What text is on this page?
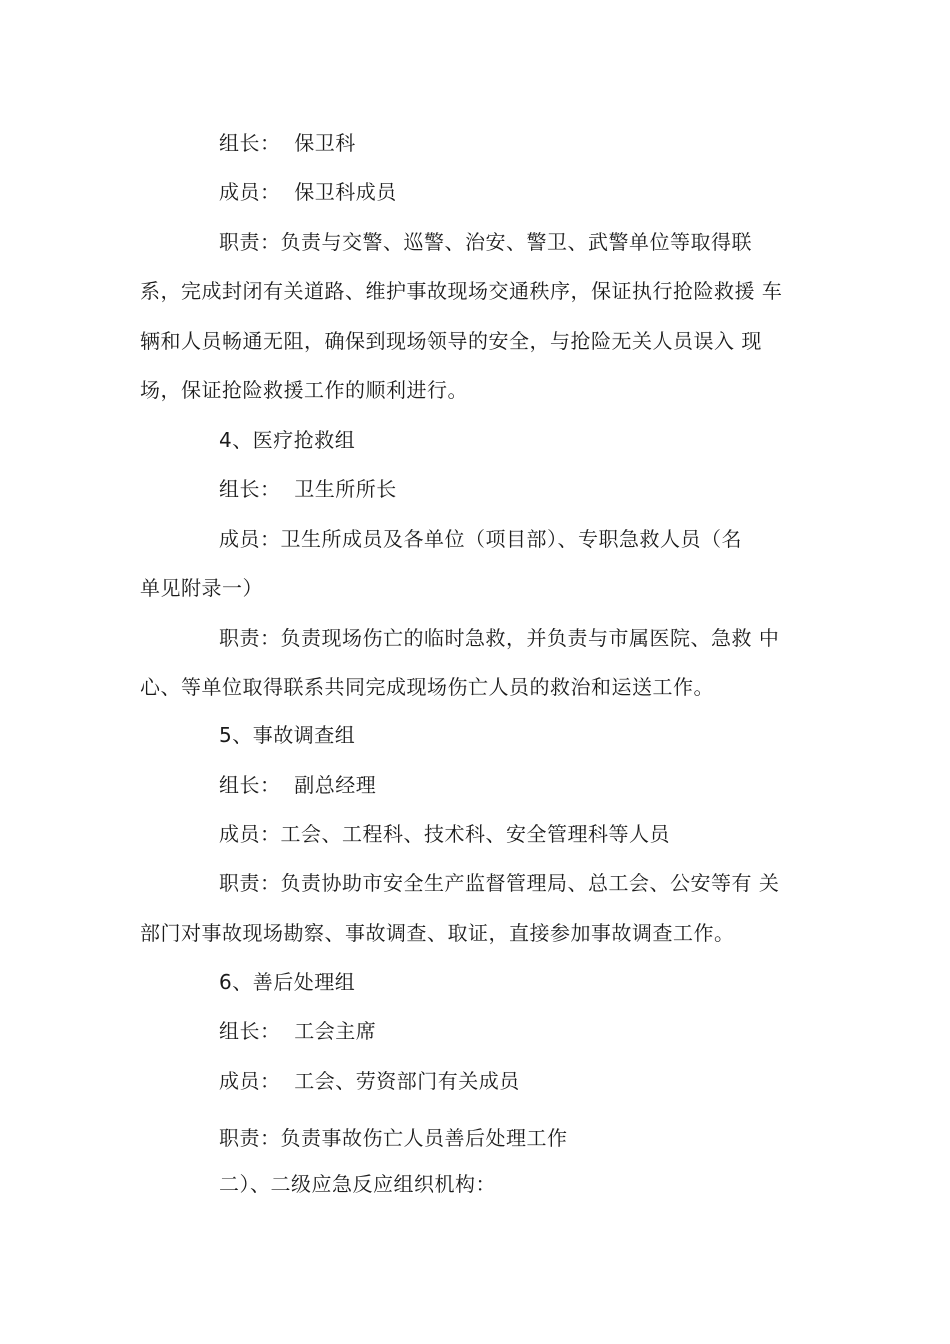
组长：  保卫科
成员：  保卫科成员
职责：负责与交警、巡警、治安、警卫、武警单位等取得联
系，完成封闭有关道路、维护事故现场交通秩序，保证执行抢险救援 车
辆和人员畅通无阻，确保到现场领导的安全，与抢险无关人员误入 现
场，保证抢险救援工作的顺利进行。
4、医疗抢救组
组长：  卫生所所长
成员：卫生所成员及各单位（项目部）、专职急救人员（名
单见附录一）
职责：负责现场伤亡的临时急救，并负责与市属医院、急救 中
心、等单位取得联系共同完成现场伤亡人员的救治和运送工作。
5、事故调查组
组长：  副总经理
成员：工会、工程科、技术科、安全管理科等人员
职责：负责协助市安全生产监督管理局、总工会、公安等有 关
部门对事故现场勘察、事故调查、取证，直接参加事故调查工作。
6、善后处理组
组长：  工会主席
成员：  工会、劳资部门有关成员
职责：负责事故伤亡人员善后处理工作
二）、二级应急反应组织机构：
